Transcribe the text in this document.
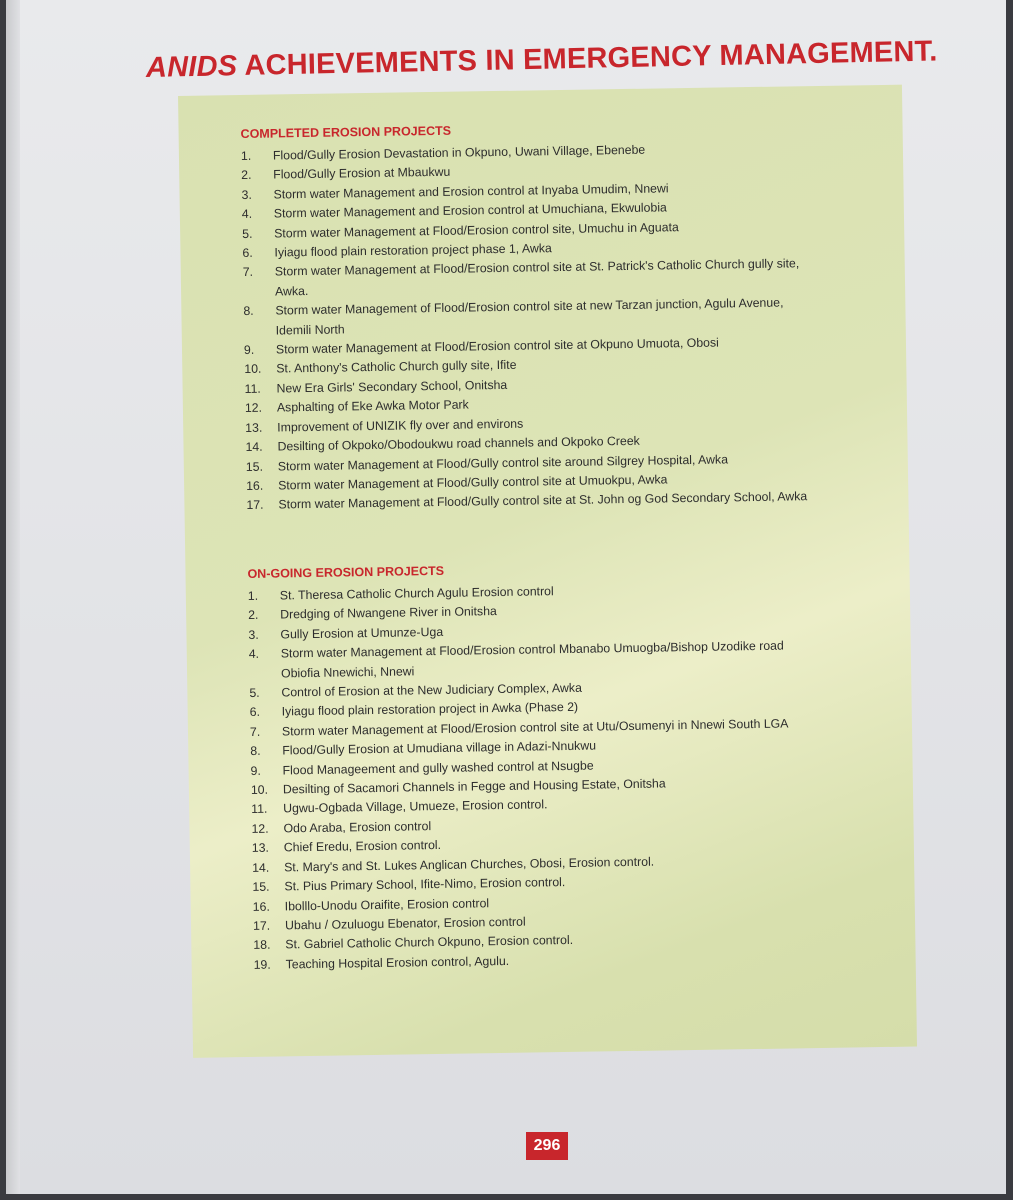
ANIDS ACHIEVEMENTS IN EMERGENCY MANAGEMENT.
COMPLETED EROSION PROJECTS
1.	Flood/Gully Erosion Devastation in Okpuno, Uwani Village, Ebenebe
2.	Flood/Gully Erosion at Mbaukwu
3.	Storm water Management and Erosion control at Inyaba Umudim, Nnewi
4.	Storm water Management and Erosion control at Umuchiana, Ekwulobia
5.	Storm water Management at Flood/Erosion control site, Umuchu in Aguata
6.	Iyiagu flood plain restoration project phase 1, Awka
7.	Storm water Management at Flood/Erosion control site at St. Patrick's Catholic Church gully site, Awka.
8.	Storm water Management of Flood/Erosion control site at new Tarzan junction, Agulu Avenue, Idemili North
9.	Storm water Management at Flood/Erosion control site at Okpuno Umuota, Obosi
10.	St. Anthony's Catholic Church gully site, Ifite
11.	New Era Girls' Secondary School, Onitsha
12.	Asphalting of Eke Awka Motor Park
13.	Improvement of UNIZIK fly over and environs
14.	Desilting of Okpoko/Obodoukwu road channels and Okpoko Creek
15.	Storm water Management at Flood/Gully control site around Silgrey Hospital, Awka
16.	Storm water Management at Flood/Gully control site at Umuokpu, Awka
17.	Storm water Management at Flood/Gully control site at St. John og God Secondary School, Awka
ON-GOING EROSION PROJECTS
1.	St. Theresa Catholic Church Agulu Erosion control
2.	Dredging of Nwangene River in Onitsha
3.	Gully Erosion at Umunze-Uga
4.	Storm water Management at Flood/Erosion control Mbanabo Umuogba/Bishop Uzodike road Obiofia Nnewichi, Nnewi
5.	Control of Erosion at the New Judiciary Complex, Awka
6.	Iyiagu flood plain restoration project in Awka (Phase 2)
7.	Storm water Management at Flood/Erosion control site at Utu/Osumenyi in Nnewi South LGA
8.	Flood/Gully Erosion at Umudiana village in Adazi-Nnukwu
9.	Flood Manageement and gully washed control at Nsugbe
10.	Desilting of Sacamori Channels in Fegge and Housing Estate, Onitsha
11.	Ugwu-Ogbada Village, Umueze, Erosion control.
12.	Odo Araba, Erosion control
13.	Chief Eredu, Erosion control.
14.	St. Mary's and St. Lukes Anglican Churches, Obosi, Erosion control.
15.	St. Pius Primary School, Ifite-Nimo, Erosion control.
16.	Ibolllo-Unodu Oraifite, Erosion control
17.	Ubahu / Ozuluogu Ebenator, Erosion control
18.	St. Gabriel Catholic Church Okpuno, Erosion control.
19.	Teaching Hospital Erosion control, Agulu.
296
